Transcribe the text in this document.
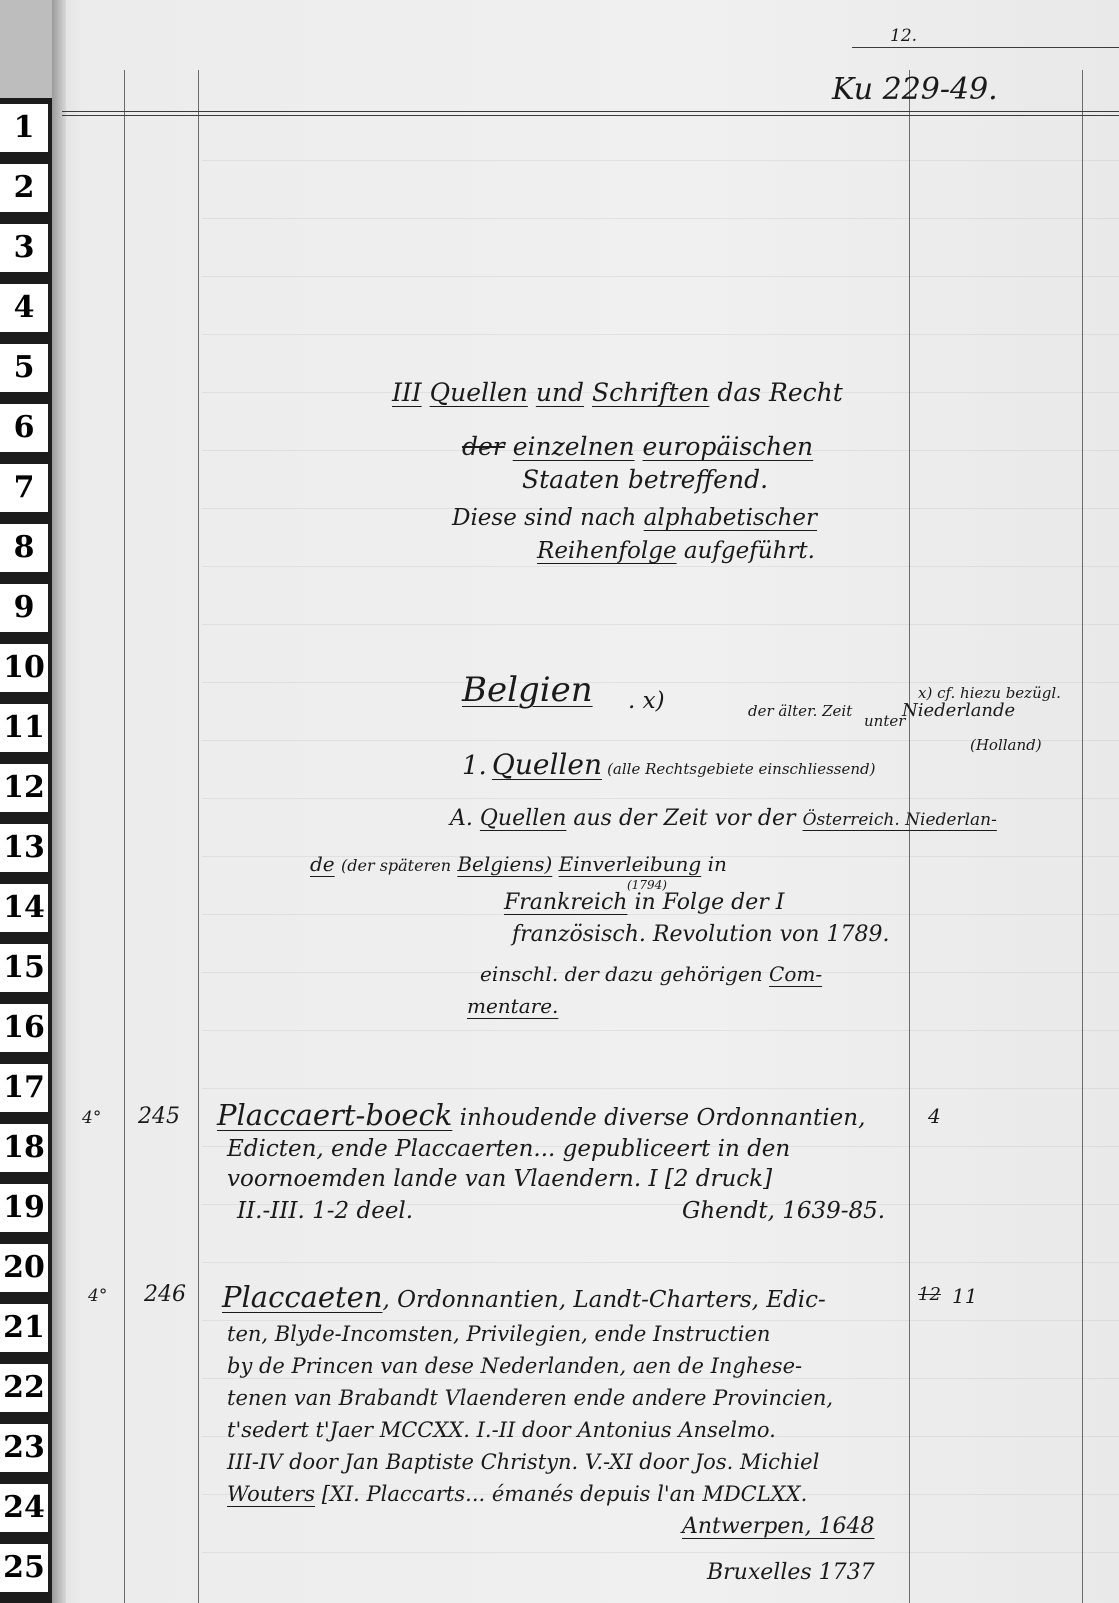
1
2
3
4
5
6
7
8
9
10
11
12
13
14
15
16
17
18
19
20
21
22
23
24
25
12.
Ku 229-49.
III Quellen und Schriften das Recht
der einzelnen europäischen
Staaten betreffend.
Diese sind nach alphabetischer
Reihenfolge aufgeführt.
Belgien . x)	der älter. Zeit
unter
Niederlande
x) cf. hiezu bezügl.
(Holland)
1. Quellen (alle Rechtsgebiete einschliessend)
A. Quellen aus der Zeit vor der Österreich. Niederlan-
de (der späteren Belgiens) Einverleibung in
(1794)
Frankreich in Folge der I
französisch. Revolution von 1789.
einschl. der dazu gehörigen Com-
mentare.
4° 245	4
Placcaert-boeck inhoudende diverse Ordonnantien,
Edicten, ende Placcaerten... gepubliceert in den
voornoemden lande van Vlaendern. I [2 druck]
II.-III. 1-2 deel.	Ghendt, 1639-85.
4° 246	12 11
Placcaeten, Ordonnantien, Landt-Charters, Edic-
ten, Blyde-Incomsten, Privilegien, ende Instructien
by de Princen van dese Nederlanden, aen de Inghese-
tenen van Brabandt Vlaenderen ende andere Provincien,
t'sedert t'Jaer MCCXX. I.-II door Antonius Anselmo.
III-IV door Jan Baptiste Christyn. V.-XI door Jos. Michiel
Wouters [XI. Placcarts... émanés depuis l'an MDCLXX.
Antwerpen, 1648
Bruxelles 1737
